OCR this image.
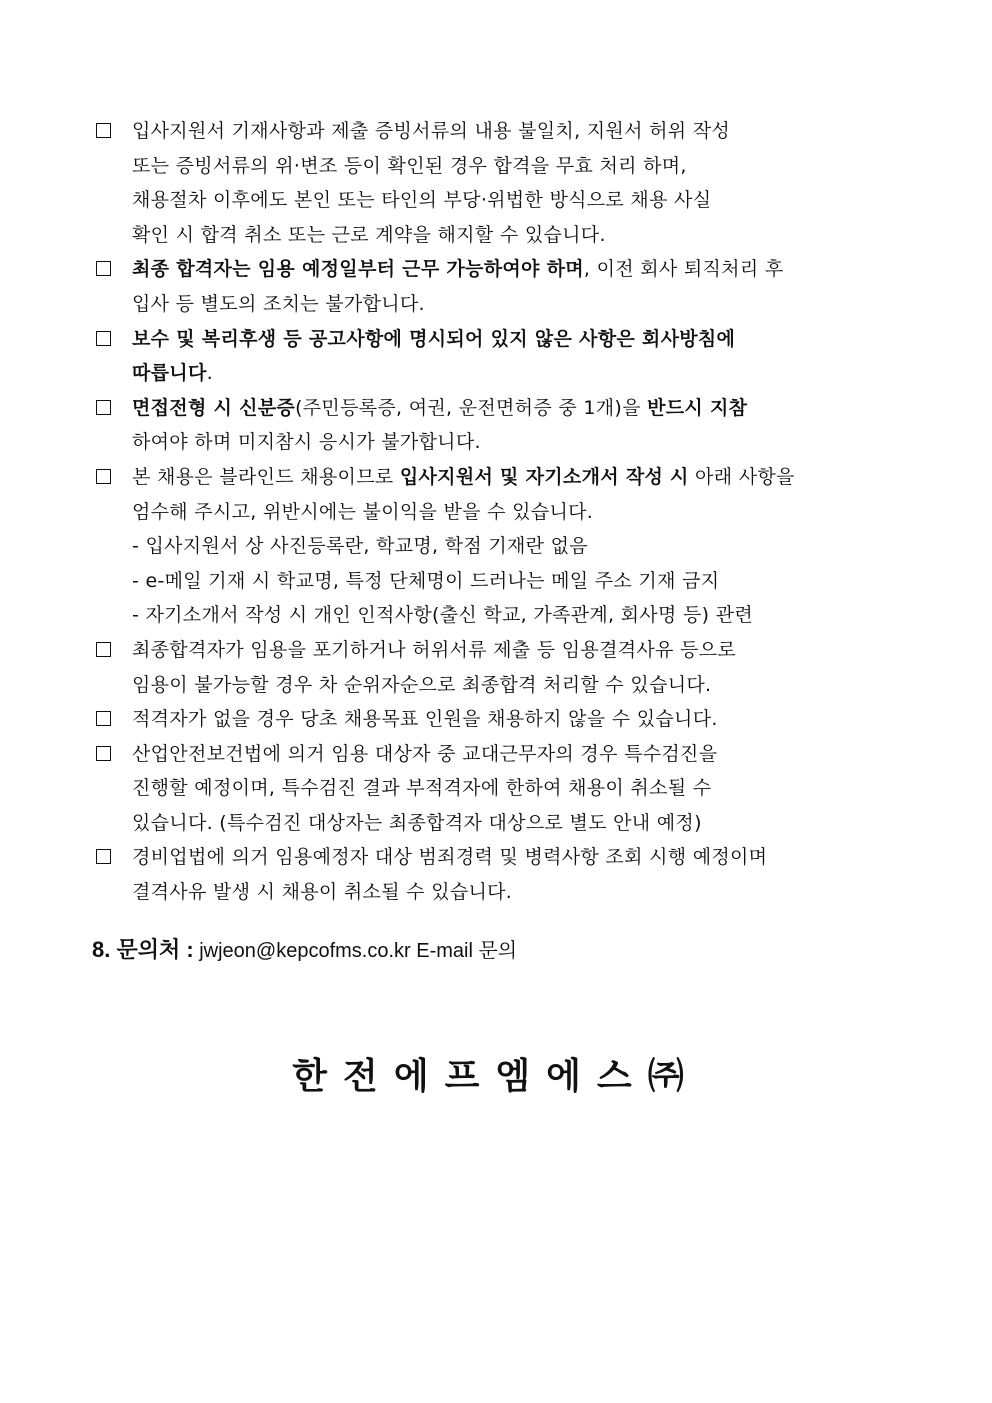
입사지원서 기재사항과 제출 증빙서류의 내용 불일치, 지원서 허위 작성
또는 증빙서류의 위·변조 등이 확인된 경우 합격을 무효 처리 하며,
채용절차 이후에도 본인 또는 타인의 부당·위법한 방식으로 채용 사실
확인 시 합격 취소 또는 근로 계약을 해지할 수 있습니다.
최종 합격자는 임용 예정일부터 근무 가능하여야 하며, 이전 회사 퇴직처리 후
입사 등 별도의 조치는 불가합니다.
보수 및 복리후생 등 공고사항에 명시되어 있지 않은 사항은 회사방침에
따릅니다.
면접전형 시 신분증(주민등록증, 여권, 운전면허증 중 1개)을 반드시 지참
하여야 하며 미지참시 응시가 불가합니다.
본 채용은 블라인드 채용이므로 입사지원서 및 자기소개서 작성 시 아래 사항을
엄수해 주시고, 위반시에는 불이익을 받을 수 있습니다.
- 입사지원서 상 사진등록란, 학교명, 학점 기재란 없음
- e-메일 기재 시 학교명, 특정 단체명이 드러나는 메일 주소 기재 금지
- 자기소개서 작성 시 개인 인적사항(출신 학교, 가족관계, 회사명 등) 관련
최종합격자가 임용을 포기하거나 허위서류 제출 등 임용결격사유 등으로
임용이 불가능할 경우 차 순위자순으로 최종합격 처리할 수 있습니다.
적격자가 없을 경우 당초 채용목표 인원을 채용하지 않을 수 있습니다.
산업안전보건법에 의거 임용 대상자 중 교대근무자의 경우 특수검진을
진행할 예정이며, 특수검진 결과 부적격자에 한하여 채용이 취소될 수
있습니다. (특수검진 대상자는 최종합격자 대상으로 별도 안내 예정)
경비업법에 의거 임용예정자 대상 범죄경력 및 병력사항 조회 시행 예정이며
결격사유 발생 시 채용이 취소될 수 있습니다.
8. 문의처 : jwjeon@kepcofms.co.kr E-mail 문의
한전에프엠에스㈜
